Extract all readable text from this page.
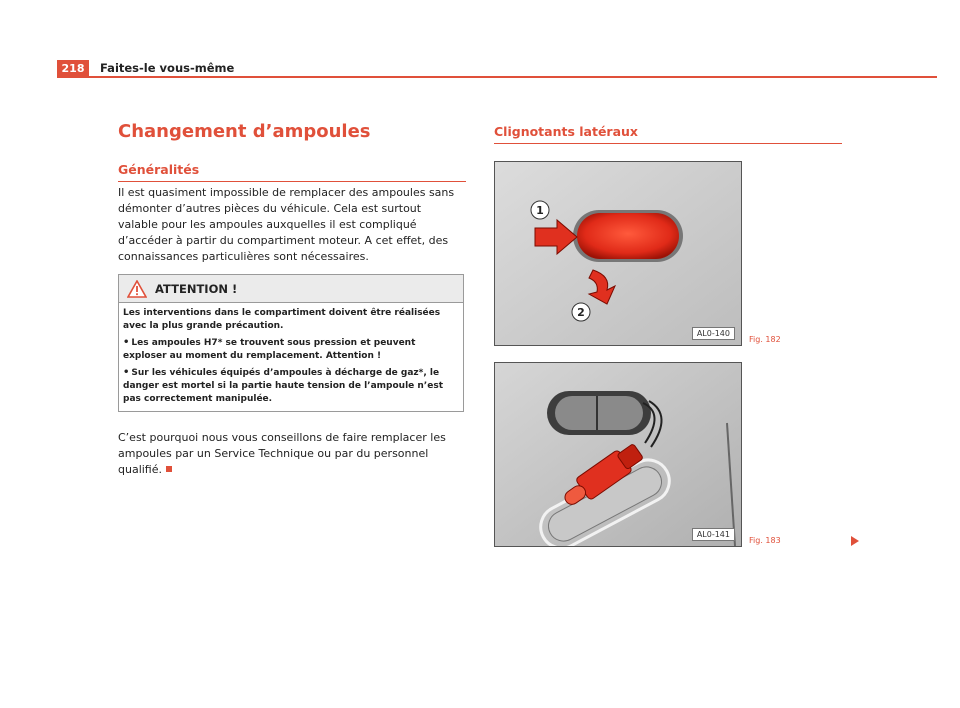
218	Faites-le vous-même
Changement d’ampoules
Généralités
Il est quasiment impossible de remplacer des ampoules sans démonter d’autres pièces du véhicule. Cela est surtout valable pour les ampoules auxquelles il est compliqué d’accéder à partir du compartiment moteur. A cet effet, des connaissances particulières sont nécessaires.
ATTENTION !

Les interventions dans le compartiment doivent être réalisées avec la plus grande précaution.

• Les ampoules H7* se trouvent sous pression et peuvent exploser au moment du remplacement. Attention !

• Sur les véhicules équipés d’ampoules à décharge de gaz*, le danger est mortel si la partie haute tension de l’ampoule n’est pas correctement manipulée.

C’est pourquoi nous vous conseillons de faire remplacer les ampoules par un Service Technique ou par du personnel qualifié.
Clignotants latéraux
1
2
AL0-140
Fig. 182
AL0-141
Fig. 183
